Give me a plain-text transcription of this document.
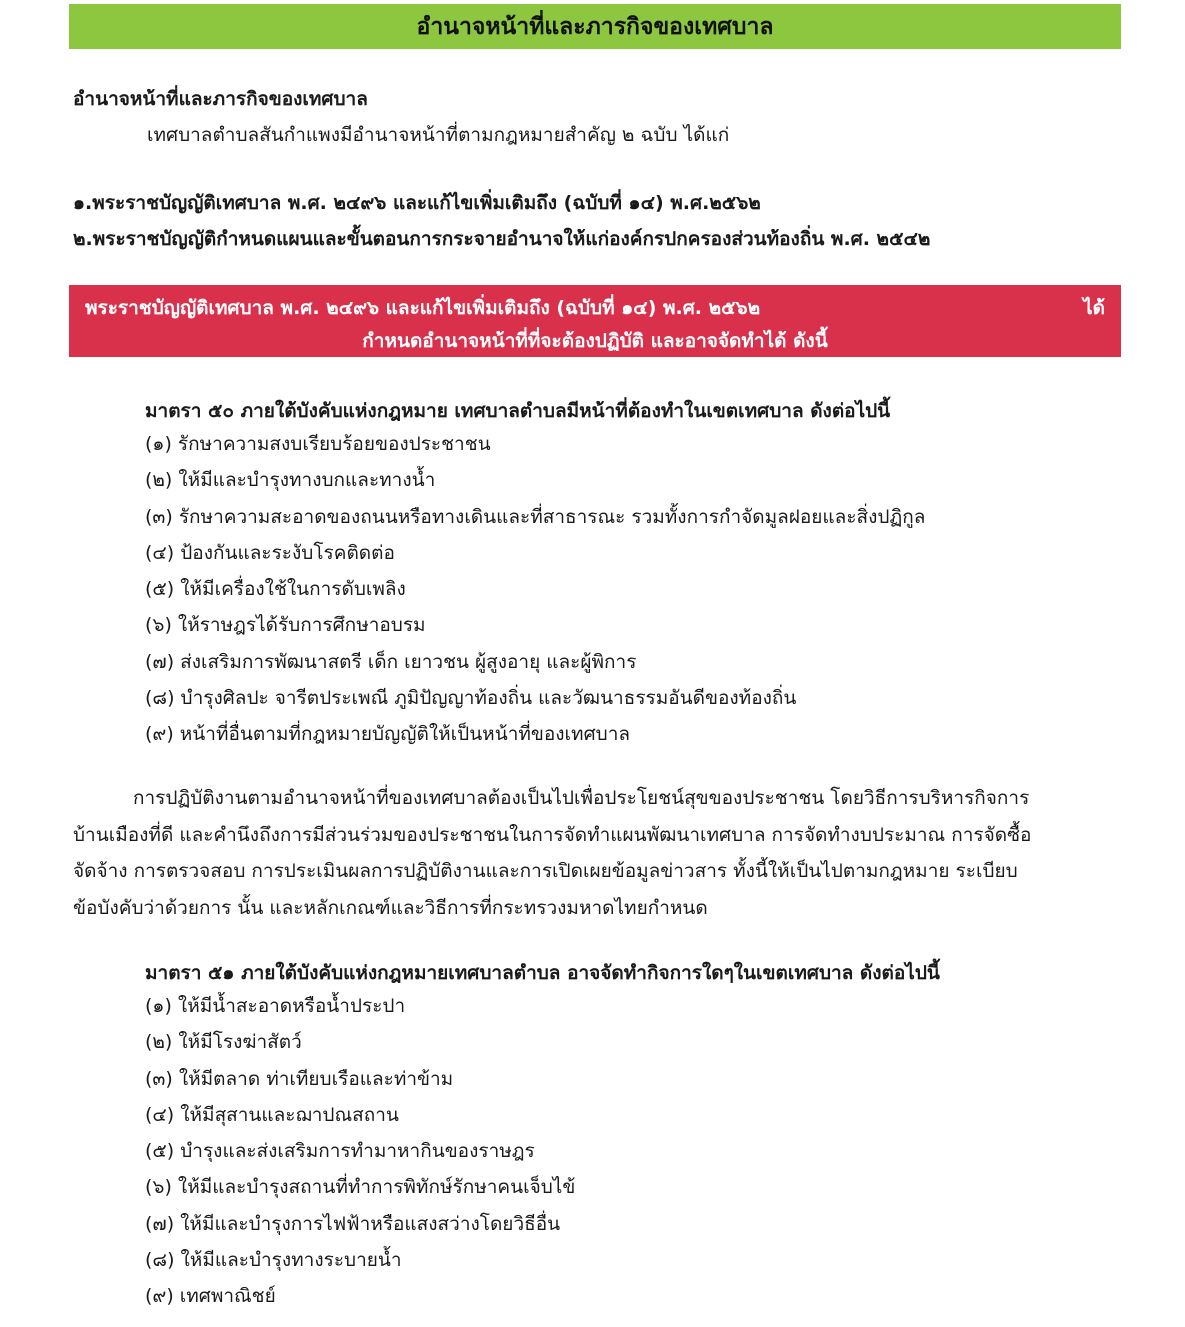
อำนาจหน้าที่และภารกิจของเทศบาล
อำนาจหน้าที่และภารกิจของเทศบาล
เทศบาลตำบลสันกำแพงมีอำนาจหน้าที่ตามกฎหมายสำคัญ ๒ ฉบับ ได้แก่
๑.พระราชบัญญัติเทศบาล พ.ศ. ๒๔๙๖ และแก้ไขเพิ่มเติมถึง (ฉบับที่ ๑๔) พ.ศ.๒๕๖๒
๒.พระราชบัญญัติกำหนดแผนและขั้นตอนการกระจายอำนาจให้แก่องค์กรปกครองส่วนท้องถิ่น พ.ศ. ๒๕๔๒
พระราชบัญญัติเทศบาล พ.ศ. ๒๔๙๖ และแก้ไขเพิ่มเติมถึง (ฉบับที่ ๑๔) พ.ศ. ๒๕๖๒	ได้
กำหนดอำนาจหน้าที่ที่จะต้องปฏิบัติ และอาจจัดทำได้ ดังนี้
มาตรา ๕๐ ภายใต้บังคับแห่งกฎหมาย เทศบาลตำบลมีหน้าที่ต้องทำในเขตเทศบาล ดังต่อไปนี้
(๑) รักษาความสงบเรียบร้อยของประชาชน
(๒) ให้มีและบำรุงทางบกและทางน้ำ
(๓) รักษาความสะอาดของถนนหรือทางเดินและที่สาธารณะ รวมทั้งการกำจัดมูลฝอยและสิ่งปฏิกูล
(๔) ป้องกันและระงับโรคติดต่อ
(๕) ให้มีเครื่องใช้ในการดับเพลิง
(๖) ให้ราษฎรได้รับการศึกษาอบรม
(๗) ส่งเสริมการพัฒนาสตรี เด็ก เยาวชน ผู้สูงอายุ และผู้พิการ
(๘) บำรุงศิลปะ จารีตประเพณี ภูมิปัญญาท้องถิ่น และวัฒนาธรรมอันดีของท้องถิ่น
(๙) หน้าที่อื่นตามที่กฎหมายบัญญัติให้เป็นหน้าที่ของเทศบาล
การปฏิบัติงานตามอำนาจหน้าที่ของเทศบาลต้องเป็นไปเพื่อประโยชน์สุขของประชาชน โดยวิธีการบริหารกิจการ
บ้านเมืองที่ดี และคำนึงถึงการมีส่วนร่วมของประชาชนในการจัดทำแผนพัฒนาเทศบาล การจัดทำงบประมาณ การจัดซื้อ
จัดจ้าง การตรวจสอบ การประเมินผลการปฏิบัติงานและการเปิดเผยข้อมูลข่าวสาร ทั้งนี้ให้เป็นไปตามกฎหมาย ระเบียบ
ข้อบังคับว่าด้วยการ นั้น และหลักเกณฑ์และวิธีการที่กระทรวงมหาดไทยกำหนด
มาตรา ๕๑ ภายใต้บังคับแห่งกฎหมายเทศบาลตำบล อาจจัดทำกิจการใดๆในเขตเทศบาล ดังต่อไปนี้
(๑) ให้มีน้ำสะอาดหรือน้ำประปา
(๒) ให้มีโรงฆ่าสัตว์
(๓) ให้มีตลาด ท่าเทียบเรือและท่าข้าม
(๔) ให้มีสุสานและฌาปณสถาน
(๕) บำรุงและส่งเสริมการทำมาหากินของราษฎร
(๖) ให้มีและบำรุงสถานที่ทำการพิทักษ์รักษาคนเจ็บไข้
(๗) ให้มีและบำรุงการไฟฟ้าหรือแสงสว่างโดยวิธีอื่น
(๘) ให้มีและบำรุงทางระบายน้ำ
(๙) เทศพาณิชย์
